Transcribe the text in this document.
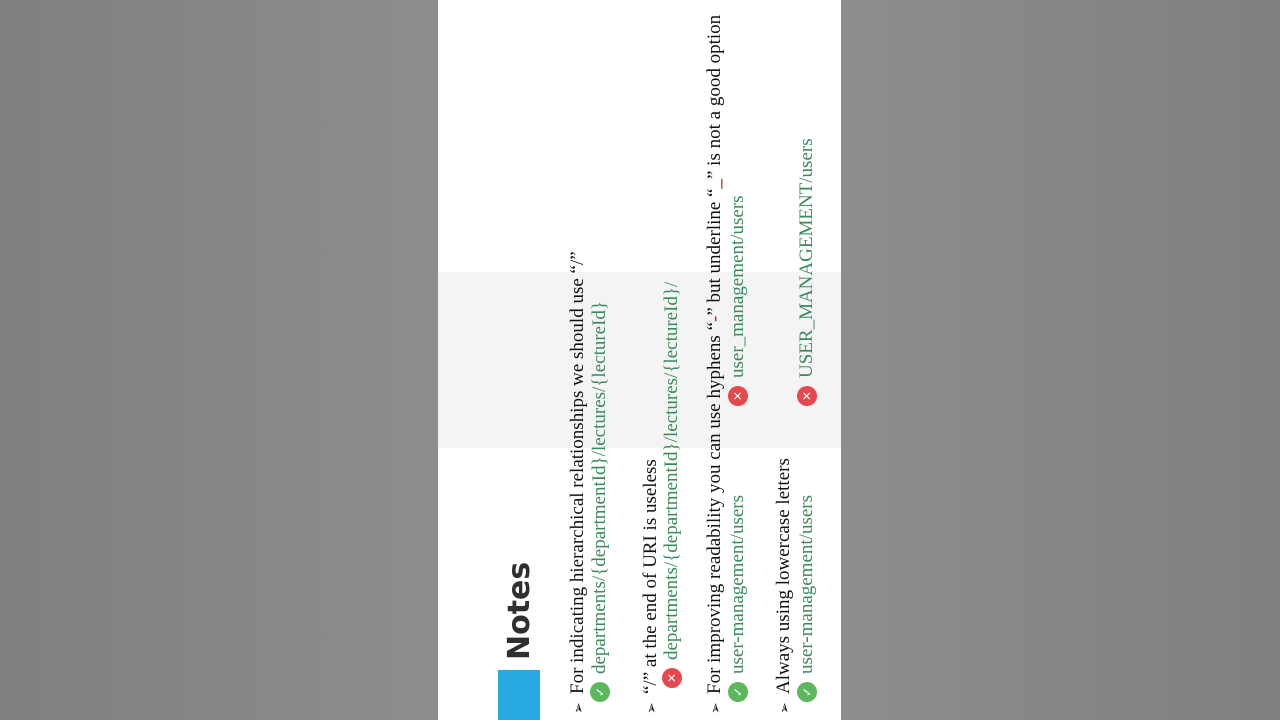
Notes
➢For indicating hierarchical relationships we should use “/” ✓
departments/{departmentId}/lectures/{lectureId}
➢“/” at the end of URI is useless
✕
departments/{departmentId}/lectures/{lectureId}/
➢For improving readability you can use hyphens “-” but underline “_” is not a good option
✓
user-management/users
✕
user_management/users
➢Always using lowercase letters ✓
user-management/users
✕
USER_MANAGEMENT/users
